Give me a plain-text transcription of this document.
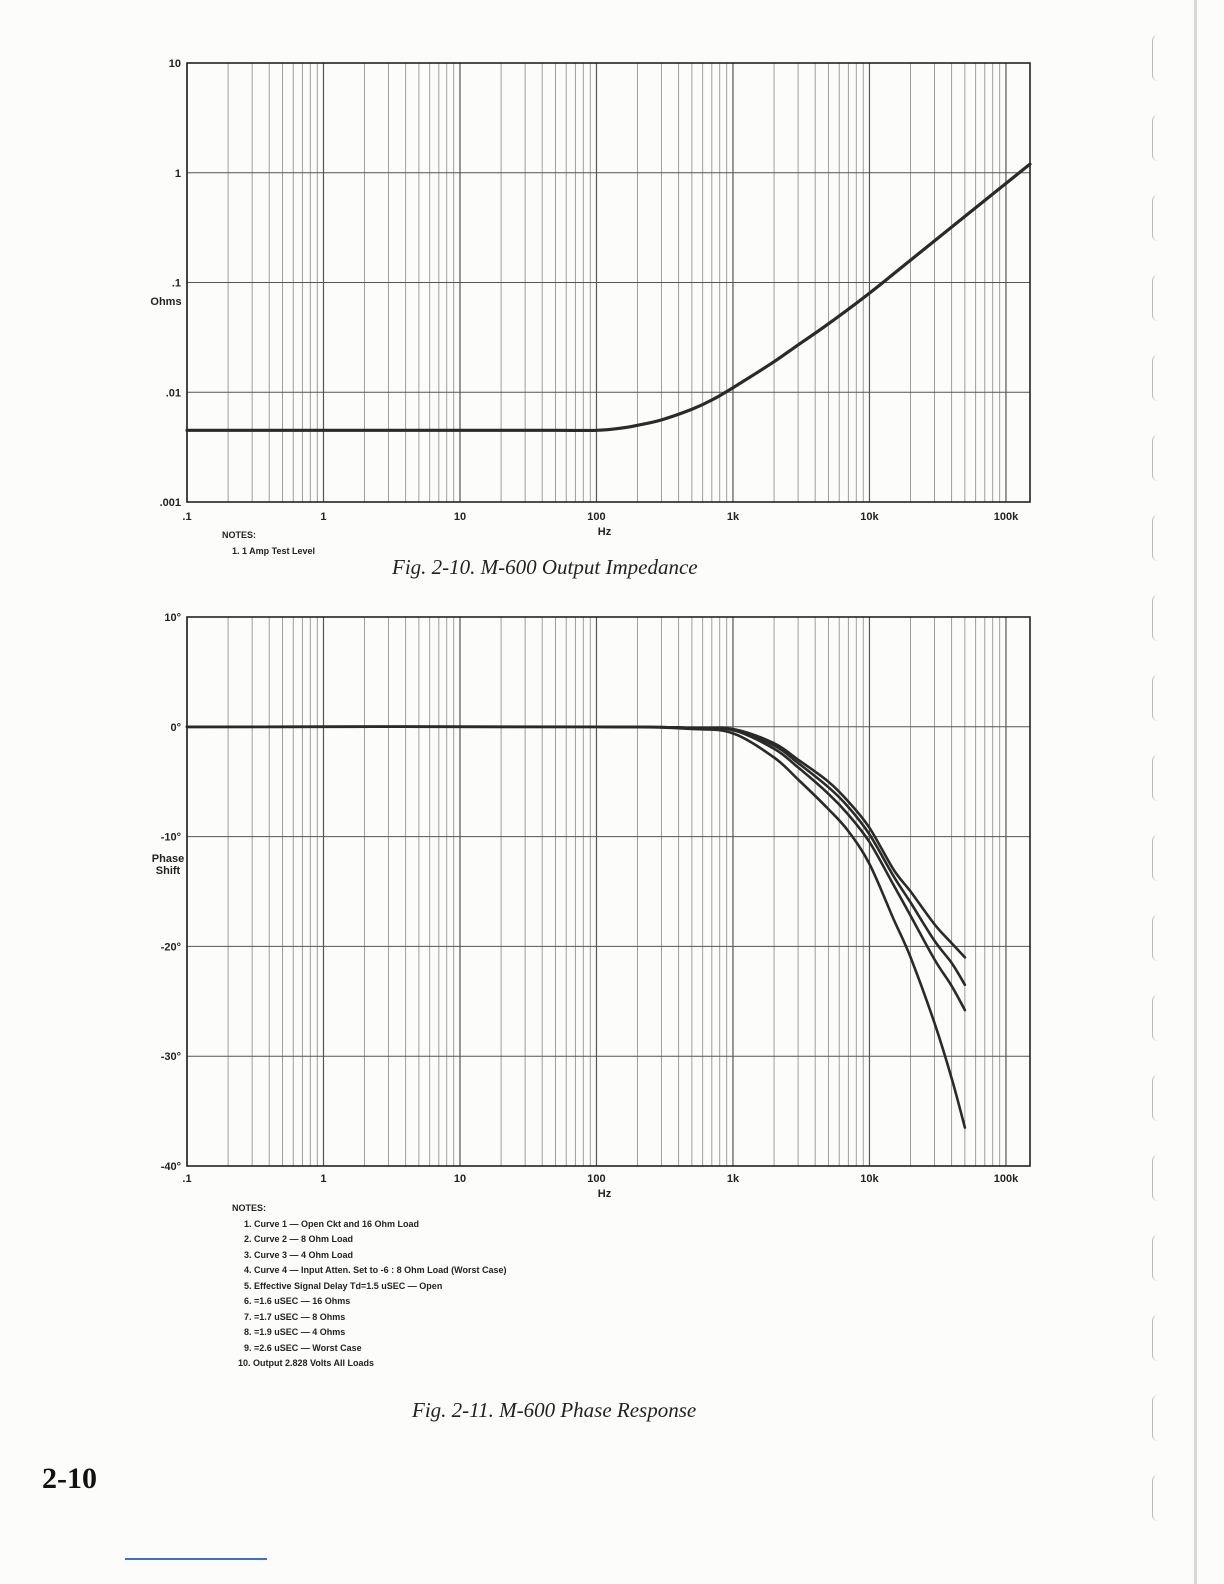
.1	1	10	100	1k	10k	100k
.001
.01
.1
1
10
Hz
Ohms
.1	1	10	100	1k	10k	100k
10°
0°
-10°
-20°
-30°
-40°
Hz
Phase
Shift
NOTES:
1. 1 Amp Test Level
Fig. 2-10. M-600 Output Impedance
NOTES:
1. Curve 1 — Open Ckt and 16 Ohm Load
2. Curve 2 — 8 Ohm Load
3. Curve 3 — 4 Ohm Load
4. Curve 4 — Input Atten. Set to -6 : 8 Ohm Load (Worst Case)
5. Effective Signal Delay Td=1.5 uSEC — Open
6. =1.6 uSEC — 16 Ohms
7. =1.7 uSEC — 8 Ohms
8. =1.9 uSEC — 4 Ohms
9. =2.6 uSEC — Worst Case
10. Output 2.828 Volts All Loads
Fig. 2-11. M-600 Phase Response
2-10
